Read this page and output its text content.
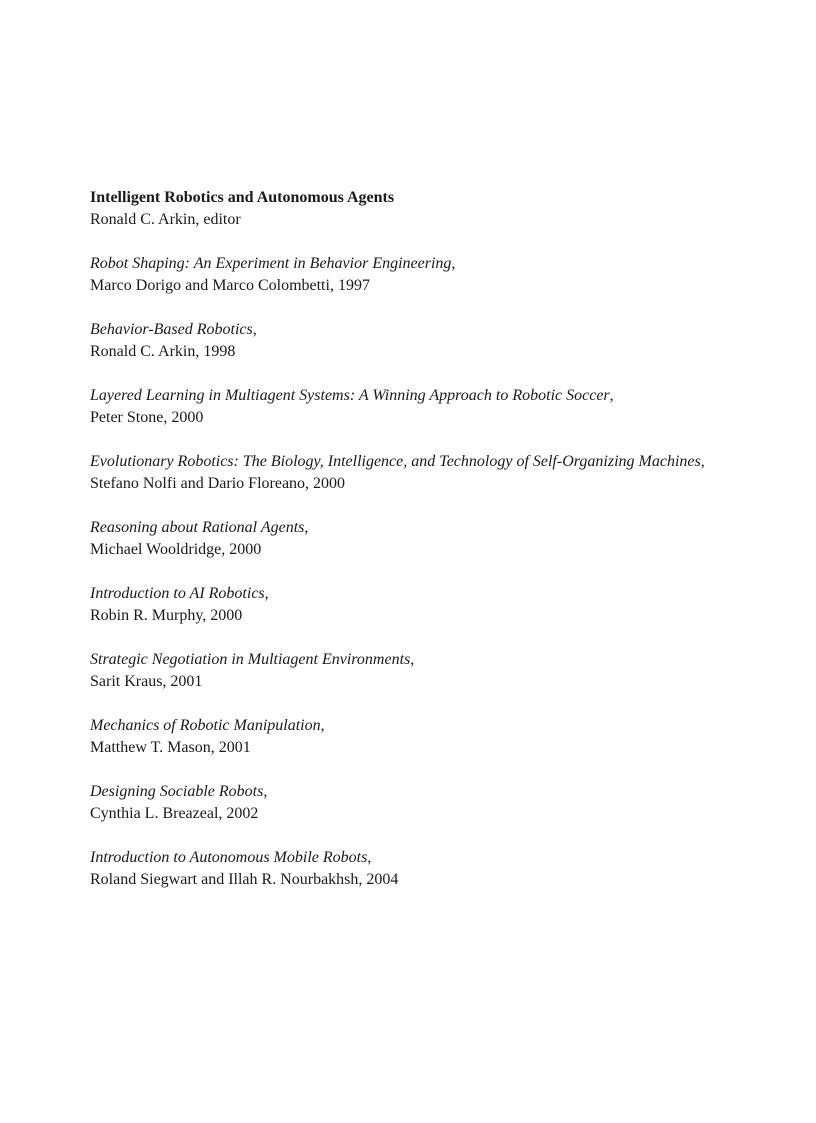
Intelligent Robotics and Autonomous Agents
Ronald C. Arkin, editor
Robot Shaping: An Experiment in Behavior Engineering,
Marco Dorigo and Marco Colombetti, 1997
Behavior-Based Robotics,
Ronald C. Arkin, 1998
Layered Learning in Multiagent Systems: A Winning Approach to Robotic Soccer,
Peter Stone, 2000
Evolutionary Robotics: The Biology, Intelligence, and Technology of Self-Organizing Machines,
Stefano Nolfi and Dario Floreano, 2000
Reasoning about Rational Agents,
Michael Wooldridge, 2000
Introduction to AI Robotics,
Robin R. Murphy, 2000
Strategic Negotiation in Multiagent Environments,
Sarit Kraus, 2001
Mechanics of Robotic Manipulation,
Matthew T. Mason, 2001
Designing Sociable Robots,
Cynthia L. Breazeal, 2002
Introduction to Autonomous Mobile Robots,
Roland Siegwart and Illah R. Nourbakhsh, 2004
